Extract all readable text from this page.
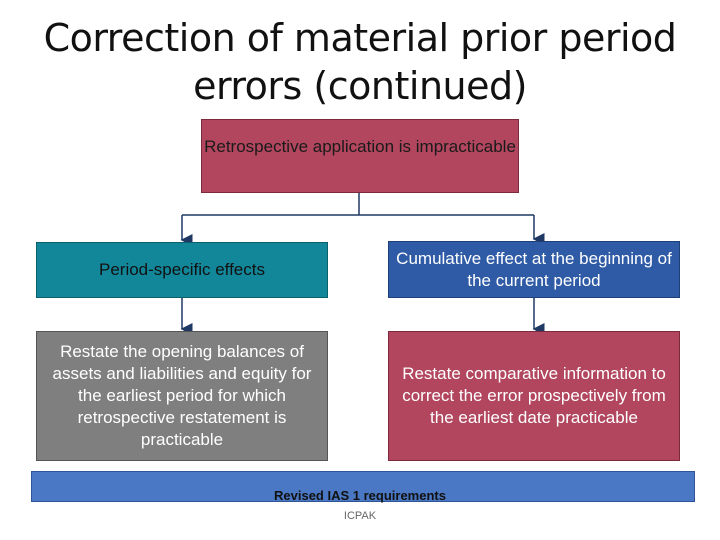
Correction of material prior period errors (continued)
Retrospective application is impracticable
Period-specific effects
Cumulative effect at the beginning of the current period
Restate the opening balances of assets and liabilities and equity for the earliest period for which retrospective restatement is practicable
Restate comparative information to correct the error prospectively from the earliest date practicable
Revised IAS 1 requirements
ICPAK
